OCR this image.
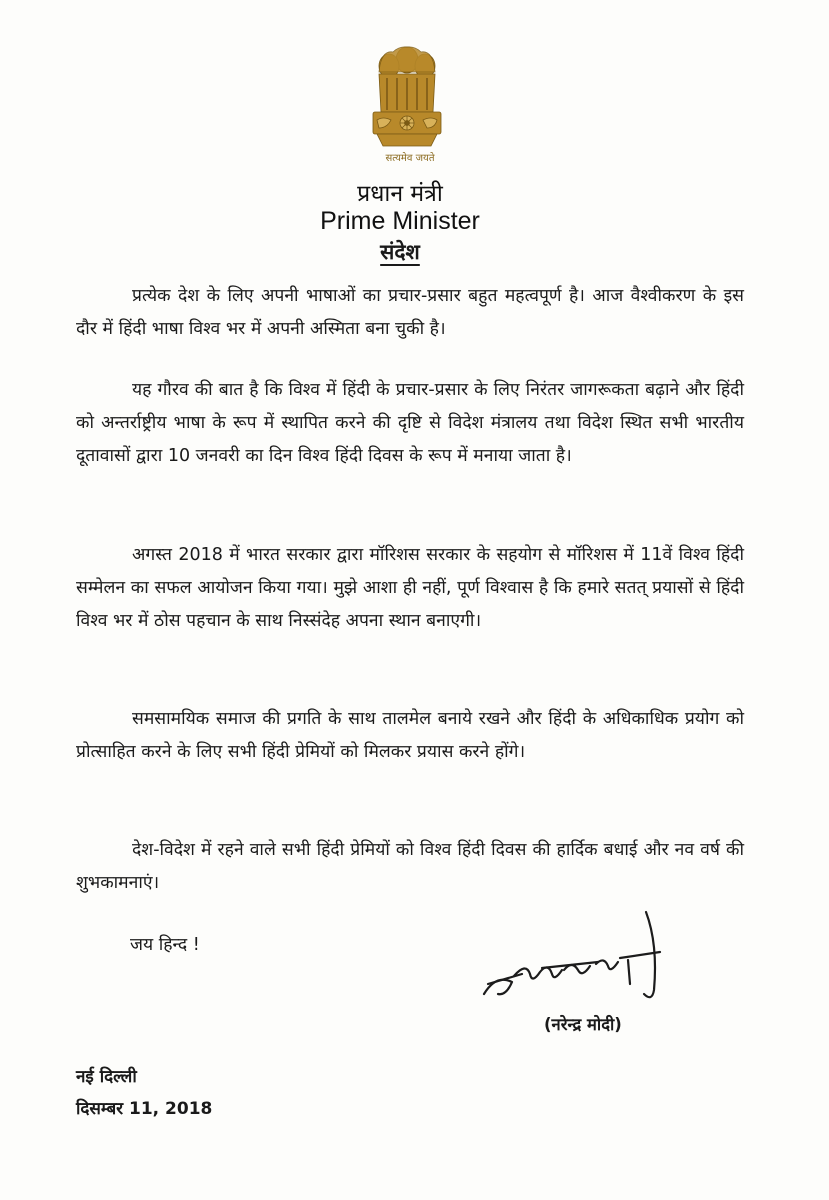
सत्यमेव जयते
प्रधान मंत्री
Prime Minister
संदेश

प्रत्येक देश के लिए अपनी भाषाओं का प्रचार-प्रसार बहुत महत्वपूर्ण है। आज वैश्वीकरण के इस दौर में हिंदी भाषा विश्व भर में अपनी अस्मिता बना चुकी है।

यह गौरव की बात है कि विश्व में हिंदी के प्रचार-प्रसार के लिए निरंतर जागरूकता बढ़ाने और हिंदी को अन्तर्राष्ट्रीय भाषा के रूप में स्थापित करने की दृष्टि से विदेश मंत्रालय तथा विदेश स्थित सभी भारतीय दूतावासों द्वारा 10 जनवरी का दिन विश्व हिंदी दिवस के रूप में मनाया जाता है।

अगस्त 2018 में भारत सरकार द्वारा मॉरिशस सरकार के सहयोग से मॉरिशस में 11वें विश्व हिंदी सम्मेलन का सफल आयोजन किया गया। मुझे आशा ही नहीं, पूर्ण विश्वास है कि हमारे सतत् प्रयासों से हिंदी विश्व भर में ठोस पहचान के साथ निस्संदेह अपना स्थान बनाएगी।

समसामयिक समाज की प्रगति के साथ तालमेल बनाये रखने और हिंदी के अधिकाधिक प्रयोग को प्रोत्साहित करने के लिए सभी हिंदी प्रेमियों को मिलकर प्रयास करने होंगे।

देश-विदेश में रहने वाले सभी हिंदी प्रेमियों को विश्व हिंदी दिवस की हार्दिक बधाई और नव वर्ष की शुभकामनाएं।

जय हिन्द !
(नरेन्द्र मोदी)
नई दिल्ली
दिसम्बर 11, 2018
